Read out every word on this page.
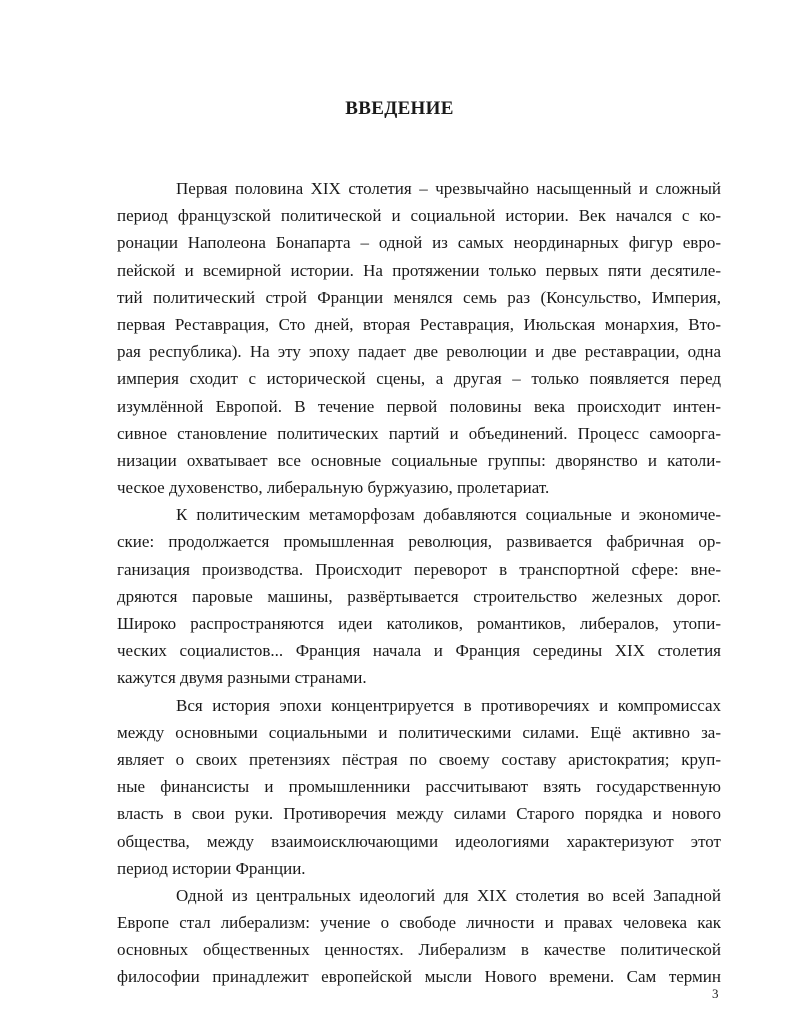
ВВЕДЕНИЕ
Первая половина XIX столетия – чрезвычайно насыщенный и сложный
период французской политической и социальной истории. Век начался с ко-
ронации Наполеона Бонапарта – одной из самых неординарных фигур евро-
пейской и всемирной истории. На протяжении только первых пяти десятиле-
тий политический строй Франции менялся семь раз (Консульство, Империя,
первая Реставрация, Сто дней, вторая Реставрация, Июльская монархия, Вто-
рая республика). На эту эпоху падает две революции и две реставрации, одна
империя сходит с исторической сцены, а другая – только появляется перед
изумлённой Европой. В течение первой половины века происходит интен-
сивное становление политических партий и объединений. Процесс самоорга-
низации охватывает все основные социальные группы: дворянство и католи-
ческое духовенство, либеральную буржуазию, пролетариат.
К политическим метаморфозам добавляются социальные и экономиче-
ские: продолжается промышленная революция, развивается фабричная ор-
ганизация производства. Происходит переворот в транспортной сфере: вне-
дряются паровые машины, развёртывается строительство железных дорог.
Широко распространяются идеи католиков, романтиков, либералов, утопи-
ческих социалистов... Франция начала и Франция середины XIX столетия
кажутся двумя разными странами.
Вся история эпохи концентрируется в противоречиях и компромиссах
между основными социальными и политическими силами. Ещё активно за-
являет о своих претензиях пёстрая по своему составу аристократия; круп-
ные финансисты и промышленники рассчитывают взять государственную
власть в свои руки. Противоречия между силами Старого порядка и нового
общества, между взаимоисключающими идеологиями характеризуют этот
период истории Франции.
Одной из центральных идеологий для XIX столетия во всей Западной
Европе стал либерализм: учение о свободе личности и правах человека как
основных общественных ценностях. Либерализм в качестве политической
философии принадлежит европейской мысли Нового времени. Сам термин
3
